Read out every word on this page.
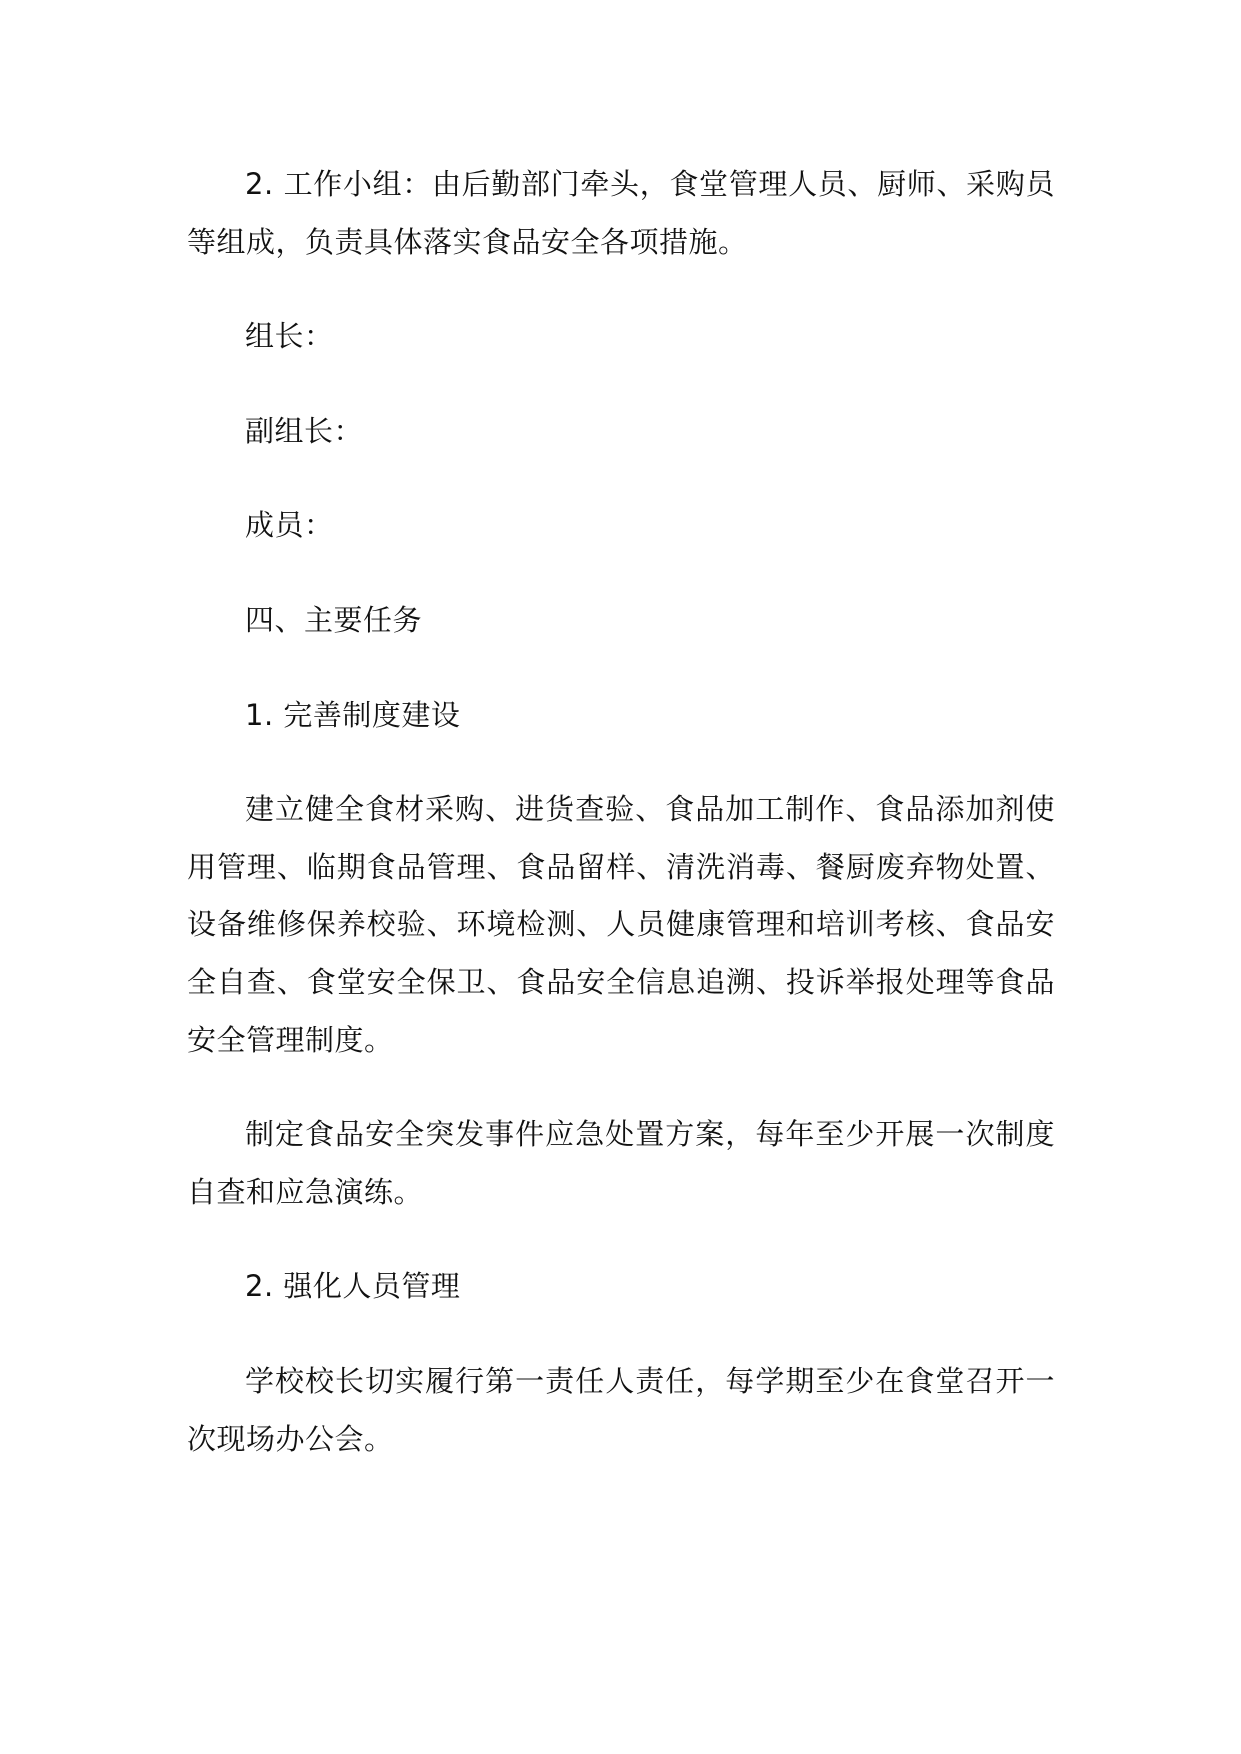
2. 工作小组：由后勤部门牵头，食堂管理人员、厨师、采购员等组成，负责具体落实食品安全各项措施。

组长：

副组长：

成员：

四、主要任务

1. 完善制度建设

建立健全食材采购、进货查验、食品加工制作、食品添加剂使用管理、临期食品管理、食品留样、清洗消毒、餐厨废弃物处置、设备维修保养校验、环境检测、人员健康管理和培训考核、食品安全自查、食堂安全保卫、食品安全信息追溯、投诉举报处理等食品安全管理制度。

制定食品安全突发事件应急处置方案，每年至少开展一次制度自查和应急演练。

2. 强化人员管理

学校校长切实履行第一责任人责任，每学期至少在食堂召开一次现场办公会。
